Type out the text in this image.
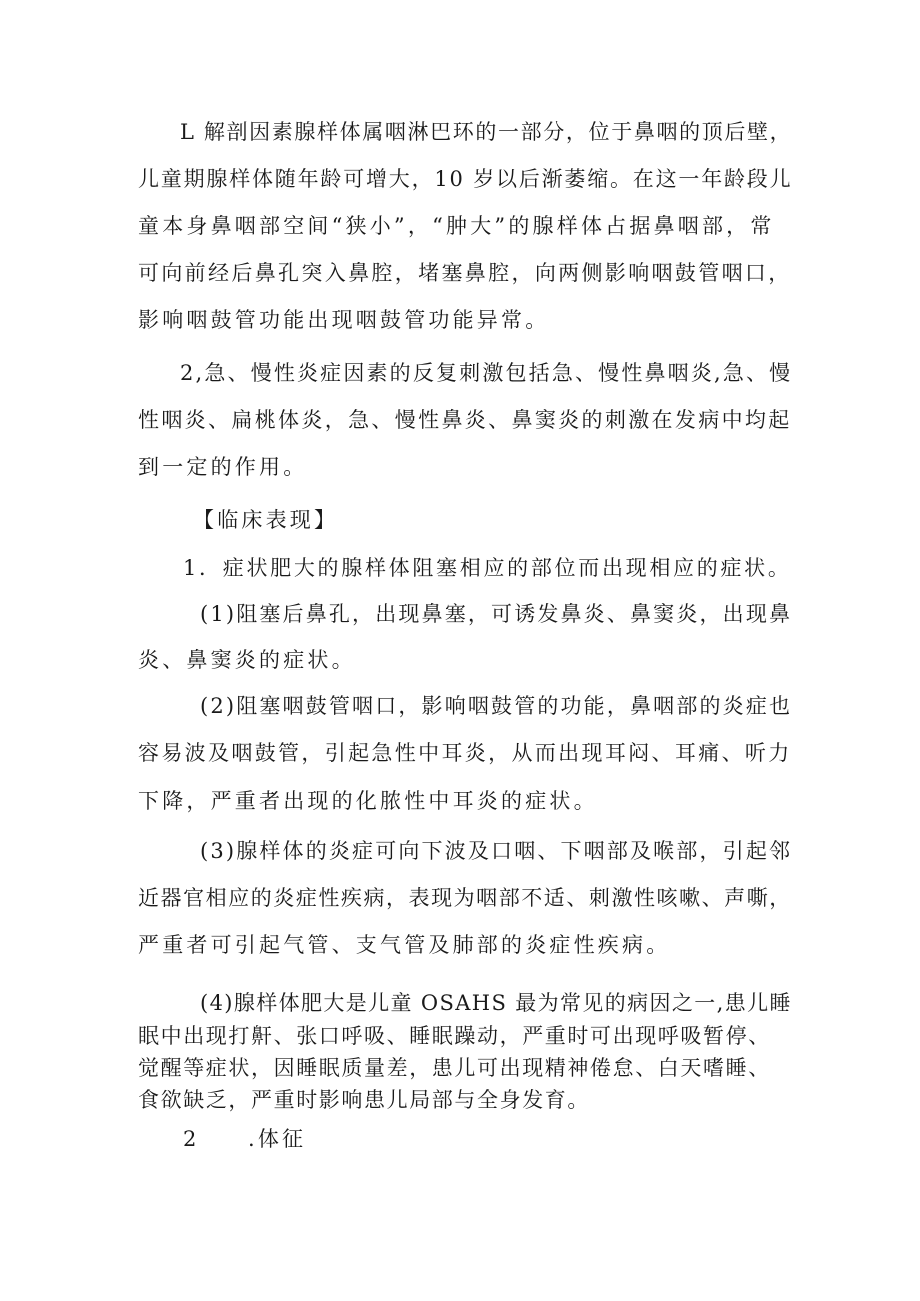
L 解剖因素腺样体属咽淋巴环的一部分，位于鼻咽的顶后壁，
儿童期腺样体随年龄可增大，10 岁以后渐萎缩。在这一年龄段儿
童本身鼻咽部空间“狭小”，“肿大”的腺样体占据鼻咽部，常
可向前经后鼻孔突入鼻腔，堵塞鼻腔，向两侧影响咽鼓管咽口，
影响咽鼓管功能出现咽鼓管功能异常。
2,急、慢性炎症因素的反复刺激包括急、慢性鼻咽炎,急、慢
性咽炎、扁桃体炎，急、慢性鼻炎、鼻窦炎的刺激在发病中均起
到一定的作用。
【临床表现】
1．症状肥大的腺样体阻塞相应的部位而出现相应的症状。
(1)阻塞后鼻孔，出现鼻塞，可诱发鼻炎、鼻窦炎，出现鼻
炎、鼻窦炎的症状。
(2)阻塞咽鼓管咽口，影响咽鼓管的功能，鼻咽部的炎症也
容易波及咽鼓管，引起急性中耳炎，从而出现耳闷、耳痛、听力
下降，严重者出现的化脓性中耳炎的症状。
(3)腺样体的炎症可向下波及口咽、下咽部及喉部，引起邻
近器官相应的炎症性疾病，表现为咽部不适、刺激性咳嗽、声嘶，
严重者可引起气管、支气管及肺部的炎症性疾病。
(4)腺样体肥大是儿童 OSAHS 最为常见的病因之一,患儿睡
眠中出现打鼾、张口呼吸、睡眠躁动，严重时可出现呼吸暂停、
觉醒等症状，因睡眠质量差，患儿可出现精神倦怠、白天嗜睡、
食欲缺乏，严重时影响患儿局部与全身发育。
2　　.体征
